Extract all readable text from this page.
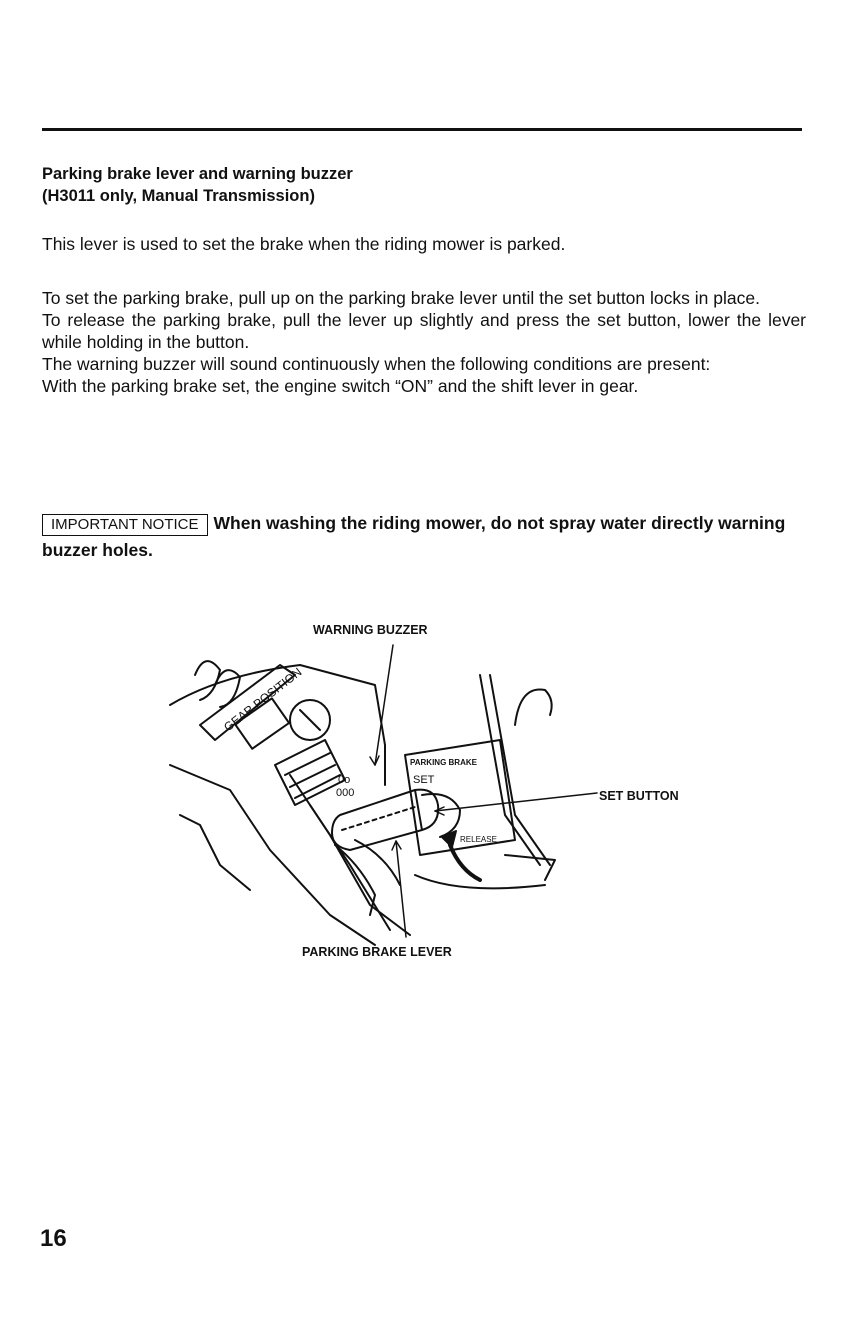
Parking brake lever and warning buzzer
(H3011 only, Manual Transmission)
This lever is used to set the brake when the riding mower is parked.
To set the parking brake, pull up on the parking brake lever until the set button locks in place.
To release the parking brake, pull the lever up slightly and press the set button, lower the lever while holding in the button.
The warning buzzer will sound continuously when the following conditions are present:
With the parking brake set, the engine switch “ON” and the shift lever in gear.
IMPORTANT NOTICE When washing the riding mower, do not spray water directly warning buzzer holes.
GEAR POSITION
0o
000
PARKING BRAKE
SET
RELEASE
WARNING BUZZER
SET BUTTON
PARKING BRAKE LEVER
16
